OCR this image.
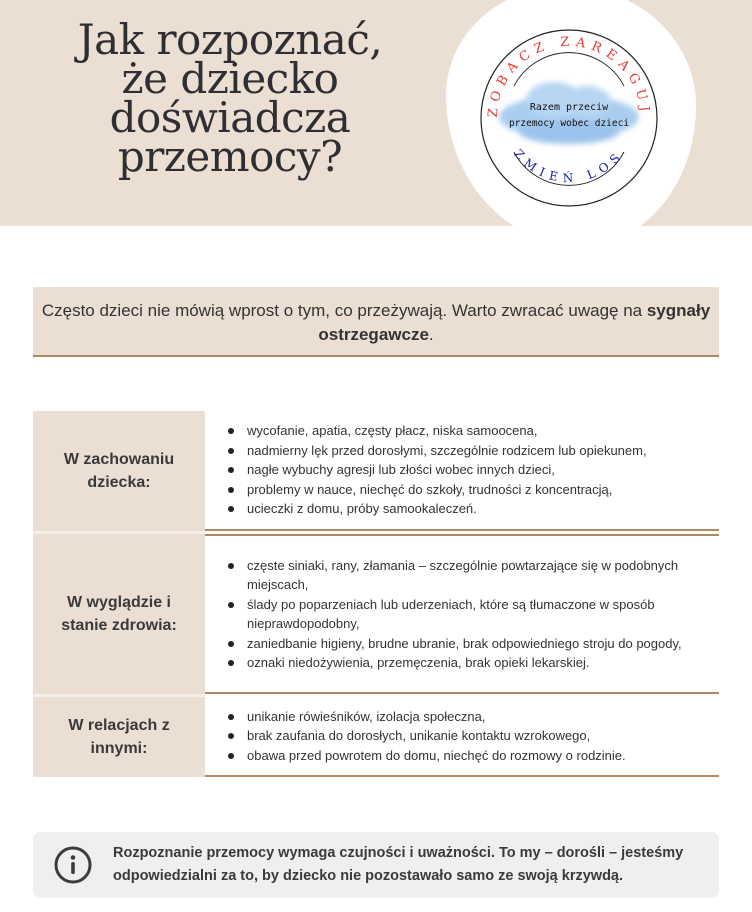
Jak rozpoznać,
że dziecko
doświadcza
przemocy?
ZOBACZ ZAREAGUJ
ZMIEŃ LOS
Razem przeciw
przemocy wobec dzieci
Często dzieci nie mówią wprost o tym, co przeżywają. Warto zwracać uwagę na sygnały ostrzegawcze.
W zachowaniu dziecka:
wycofanie, apatia, częsty płacz, niska samoocena,
nadmierny lęk przed dorosłymi, szczególnie rodzicem lub opiekunem,
nagłe wybuchy agresji lub złości wobec innych dzieci,
problemy w nauce, niechęć do szkoły, trudności z koncentracją,
ucieczki z domu, próby samookaleczeń.
W wyglądzie i stanie zdrowia:
częste siniaki, rany, złamania – szczególnie powtarzające się w podobnych miejscach,
ślady po poparzeniach lub uderzeniach, które są tłumaczone w sposób nieprawdopodobny,
zaniedbanie higieny, brudne ubranie, brak odpowiedniego stroju do pogody,
oznaki niedożywienia, przemęczenia, brak opieki lekarskiej.
W relacjach z innymi:
unikanie rówieśników, izolacja społeczna,
brak zaufania do dorosłych, unikanie kontaktu wzrokowego,
obawa przed powrotem do domu, niechęć do rozmowy o rodzinie.
Rozpoznanie przemocy wymaga czujności i uważności. To my – dorośli – jesteśmy odpowiedzialni za to, by dziecko nie pozostawało samo ze swoją krzywdą.
